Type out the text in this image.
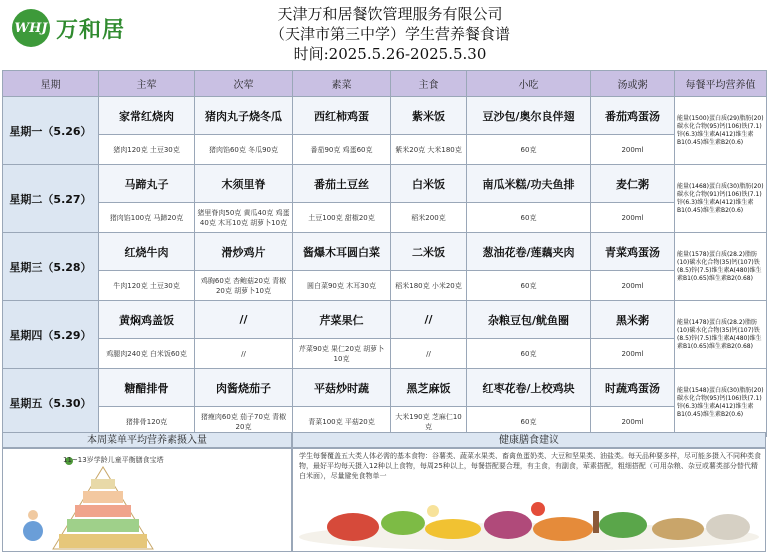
WHJ 万和居
天津万和居餐饮管理服务有限公司
（天津市第三中学）学生营养餐食谱
时间:2025.5.26-2025.5.30
星期	主荤	次荤	素菜	主食	小吃	汤或粥	每餐平均营养值
星期一（5.26）	家常红烧肉	猪肉丸子烧冬瓜	西红柿鸡蛋	紫米饭	豆沙包/奥尔良伴翅	番茄鸡蛋汤	能量(1500)蛋白质(29)脂肪(20)碳水化合物(95)钙(106)铁(7.1)锌(6.3)维生素A(412)维生素B1(0.45)维生素B2(0.6)
	猪肉120克 土豆30克	猪肉馅60克 冬瓜90克	番茄90克 鸡蛋60克	紫米20克 大米180克	60克	200ml	
星期二（5.27）	马蹄丸子	木须里脊	番茄土豆丝	白米饭	南瓜米糕/功夫鱼排	麦仁粥	能量(1468)蛋白质(30)脂肪(20)碳水化合物(91)钙(106)铁(7.1)锌(6.3)维生素A(412)维生素B1(0.45)维生素B2(0.6)
	猪肉馅100克 马蹄20克	猪里脊肉50克 黄瓜40克 鸡蛋40克 木耳10克 胡萝卜10克	土豆100克 甜椒20克	稻米200克	60克	200ml	
星期三（5.28）	红烧牛肉	滑炒鸡片	酱爆木耳圆白菜	二米饭	葱油花卷/莲藕夹肉	青菜鸡蛋汤	能量(1578)蛋白质(28.2)脂肪(10)碳水化合物(35)钙(107)铁(8.5)锌(7.5)维生素A(480)维生素B1(0.65)维生素B2(0.68)
	牛肉120克 土豆30克	鸡胸60克 杏鲍菇20克 青椒20克 胡萝卜10克	圆白菜90克 木耳30克	稻米180克 小米20克	60克	200ml	
星期四（5.29）	黄焖鸡盖饭	//	芹菜果仁	//	杂粮豆包/鱿鱼圈	黑米粥	能量(1478)蛋白质(28.2)脂肪(10)碳水化合物(35)钙(107)铁(8.5)锌(7.5)维生素A(480)维生素B1(0.65)维生素B2(0.68)
	鸡腿肉240克 白米饭60克	//	芹菜90克 果仁20克 胡萝卜10克	//	60克	200ml	
星期五（5.30）	糖醋排骨	肉酱烧茄子	平菇炒时蔬	黑芝麻饭	红枣花卷/上校鸡块	时蔬鸡蛋汤	能量(1548)蛋白质(30)脂肪(20)碳水化合物(95)钙(106)铁(7.1)锌(6.3)维生素A(412)维生素B1(0.45)维生素B2(0.6)
	猪排骨120克	猪瘦肉60克 茄子70克 青椒20克	青菜100克 平菇20克	大米190克 芝麻仁10克	60克	200ml	
本周菜单平均营养素摄入量	健康膳食建议
11~13岁学龄儿童平衡膳食宝塔	学生每餐覆盖五大类人体必需的基本食物：谷薯类、蔬菜水果类、畜禽鱼蛋奶类、大豆和坚果类、油盐类。每天品种要多样，尽可能多摄入不同种类食物，最好平均每天摄入12种以上食物，每周25种以上，每餐搭配要合理，有主食，有副食，荤素搭配，粗细搭配（可用杂粮、杂豆或薯类部分替代精白米面），尽量避免食物单一
